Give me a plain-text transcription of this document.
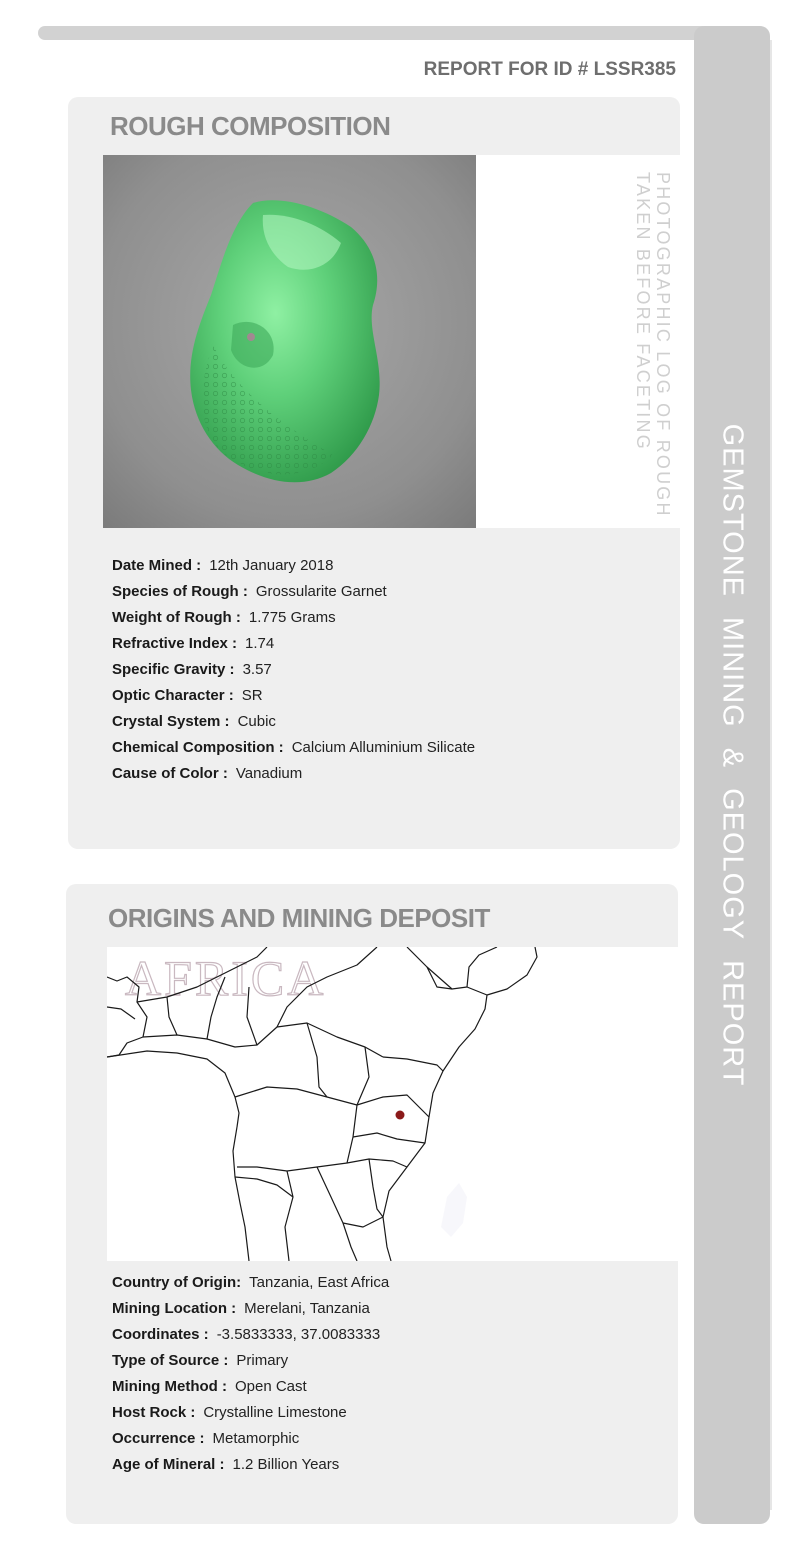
GEMSTONEMINING&GEOLOGYREPORT
REPORT FOR ID # LSSR385
ROUGH COMPOSITION
PHOTOGRAPHIC LOG OF ROUGH
TAKEN BEFORE FACETING
Date Mined : 12th January 2018
Species of Rough : Grossularite Garnet
Weight of Rough : 1.775 Grams
Refractive Index : 1.74
Specific Gravity : 3.57
Optic Character : SR
Crystal System : Cubic
Chemical Composition : Calcium Alluminium Silicate
Cause of Color : Vanadium
ORIGINS AND MINING DEPOSIT
AFRICA
Country of Origin: Tanzania, East Africa
Mining Location : Merelani, Tanzania
Coordinates : -3.5833333, 37.0083333
Type of Source : Primary
Mining Method : Open Cast
Host Rock : Crystalline Limestone
Occurrence : Metamorphic
Age of Mineral : 1.2 Billion Years
